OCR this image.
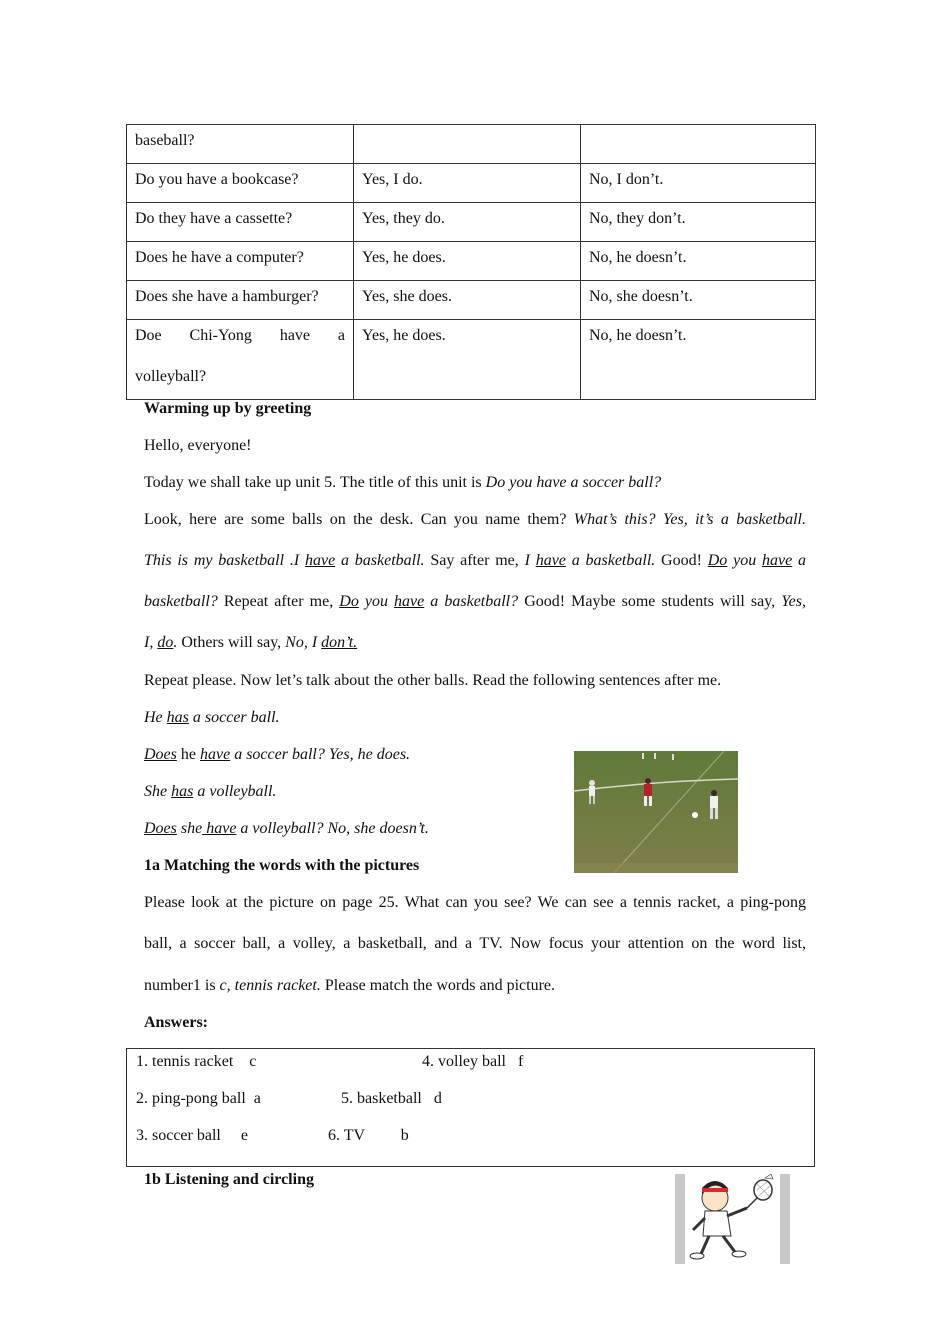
baseball?		
Do you have a bookcase?	Yes, I do.	No, I don’t.
Do they have a cassette?	Yes, they do.	No, they don’t.
Does he have a computer?	Yes, he does.	No, he doesn’t.
Does she have a hamburger?	Yes, she does.	No, she doesn’t.

Doe Chi-Yong have a
volleyball?	Yes, he does.	No, he doesn’t.
Warming up by greeting
Hello, everyone!
Today we shall take up unit 5. The title of this unit is Do you have a soccer ball?
Look, here are some balls on the desk. Can you name them? What’s this? Yes, it’s a basketball.
This is my basketball .I have a basketball. Say after me, I have a basketball. Good! Do you have a
basketball? Repeat after me, Do you have a basketball? Good! Maybe some students will say, Yes,
I, do. Others will say, No, I don’t.
Repeat please. Now let’s talk about the other balls. Read the following sentences after me.
He has a soccer ball.
Does he have a soccer ball? Yes, he does.
She has a volleyball.
Does she have a volleyball? No, she doesn’t.
1a Matching the words with the pictures
Please look at the picture on page 25. What can you see? We can see a tennis racket, a ping-pong
ball, a soccer ball, a volley, a basketball, and a TV. Now focus your attention on the word list,
number1 is c, tennis racket. Please match the words and picture.
Answers:
1. tennis racket    c	4. volley ball   f
2. ping-pong ball  a	5. basketball   d
3. soccer ball     e	6. TV         b
1b Listening and circling
